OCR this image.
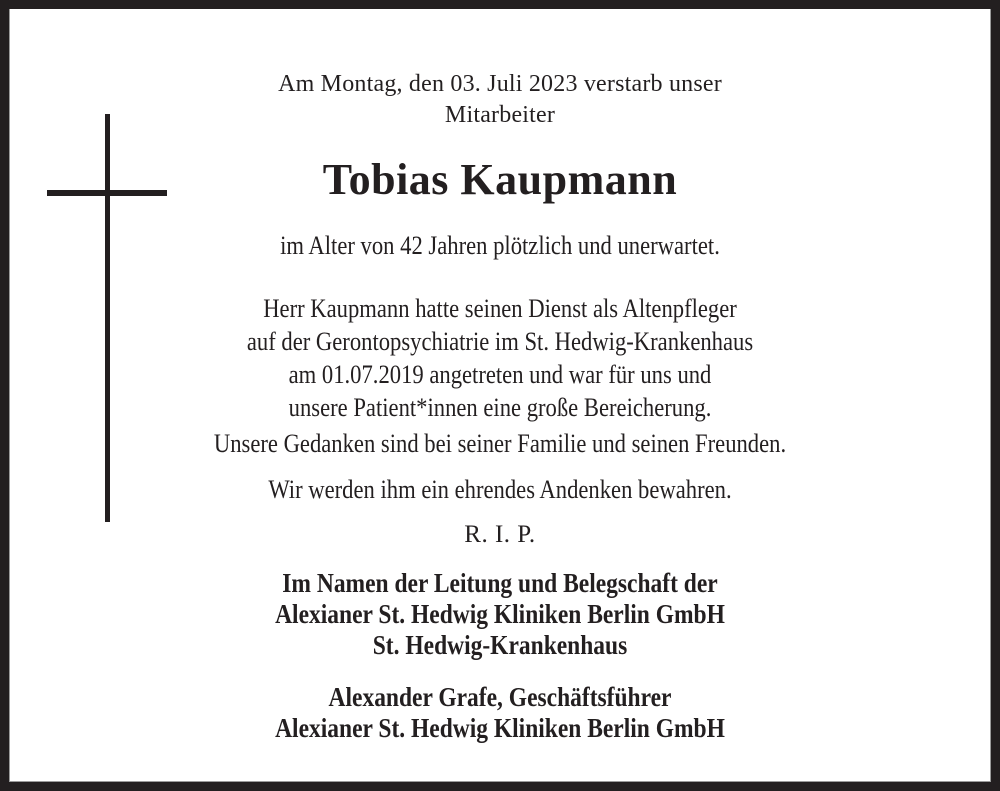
Am Montag, den 03. Juli 2023 verstarb unser
Mitarbeiter
Tobias Kaupmann
im Alter von 42 Jahren plötzlich und unerwartet.
Herr Kaupmann hatte seinen Dienst als Altenpfleger
auf der Gerontopsychiatrie im St. Hedwig-Krankenhaus
am 01.07.2019 angetreten und war für uns und
unsere Patient*innen eine große Bereicherung.
Unsere Gedanken sind bei seiner Familie und seinen Freunden.
Wir werden ihm ein ehrendes Andenken bewahren.
R. I. P.
Im Namen der Leitung und Belegschaft der
Alexianer St. Hedwig Kliniken Berlin GmbH
St. Hedwig-Krankenhaus
Alexander Grafe, Geschäftsführer
Alexianer St. Hedwig Kliniken Berlin GmbH
